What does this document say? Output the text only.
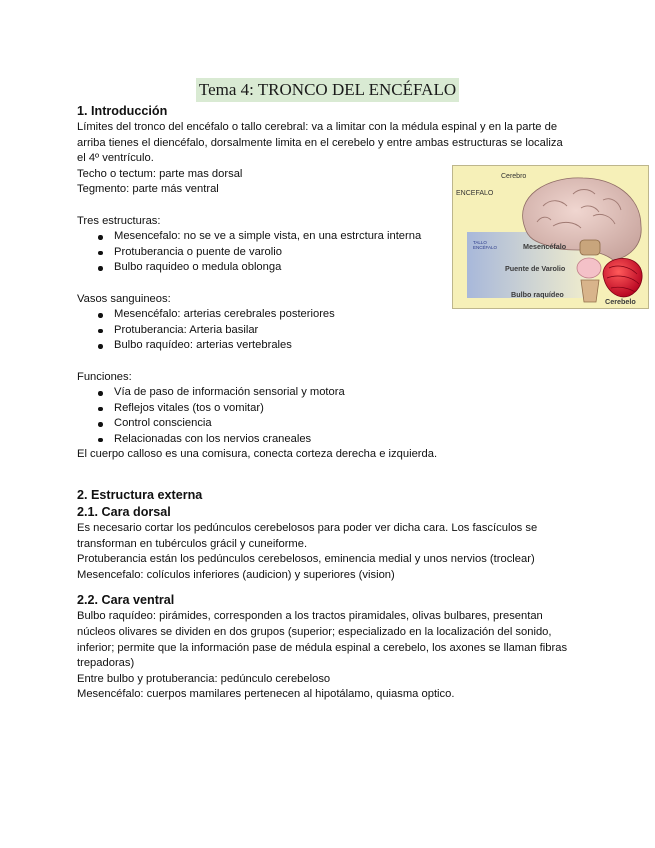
Tema 4: TRONCO DEL ENCÉFALO
1. Introducción

Límites del tronco del encéfalo o tallo cerebral: va a limitar con la médula espinal y en la parte de arriba tienes el diencéfalo, dorsalmente limita en el cerebelo y entre ambas estructuras se localiza el 4º ventrículo.

Techo o tectum: parte mas dorsal

Tegmento: parte más ventral

Tres estructuras:

Mesencefalo: no se ve a simple vista, en una estrctura interna
Protuberancia o puente de varolio
Bulbo raquideo o medula oblonga

Vasos sanguineos:

Mesencéfalo: arterias cerebrales posteriores
Protuberancia: Arteria basilar
Bulbo raquídeo: arterias vertebrales

Funciones:

Vía de paso de información sensorial y motora
Reflejos vitales (tos o vomitar)
Control consciencia
Relacionadas con los nervios craneales

El cuerpo calloso es una comisura, conecta corteza derecha e izquierda.

2. Estructura externa
2.1. Cara dorsal

Es necesario cortar los pedúnculos cerebelosos para poder ver dicha cara. Los fascículos se transforman en tubérculos grácil y cuneiforme.

Protuberancia están los pedúnculos cerebelosos, eminencia medial y unos nervios (troclear)

Mesencefalo: colículos inferiores (audicion) y superiores (vision)

2.2. Cara ventral

Bulbo raquídeo: pirámides, corresponden a los tractos piramidales, olivas bulbares, presentan núcleos olivares se dividen en dos grupos (superior; especializado en la localización del sonido, inferior; permite que la información pase de médula espinal a cerebelo, los axones se llaman fibras trepadoras)

Entre bulbo y protuberancia: pedúnculo cerebeloso

Mesencéfalo: cuerpos mamilares pertenecen al hipotálamo, quiasma optico.

Cerebro
ENCEFALO
TALLO ENCÉFALO	Mesencéfalo
Puente de Varolio
Bulbo raquídeo
Cerebelo
